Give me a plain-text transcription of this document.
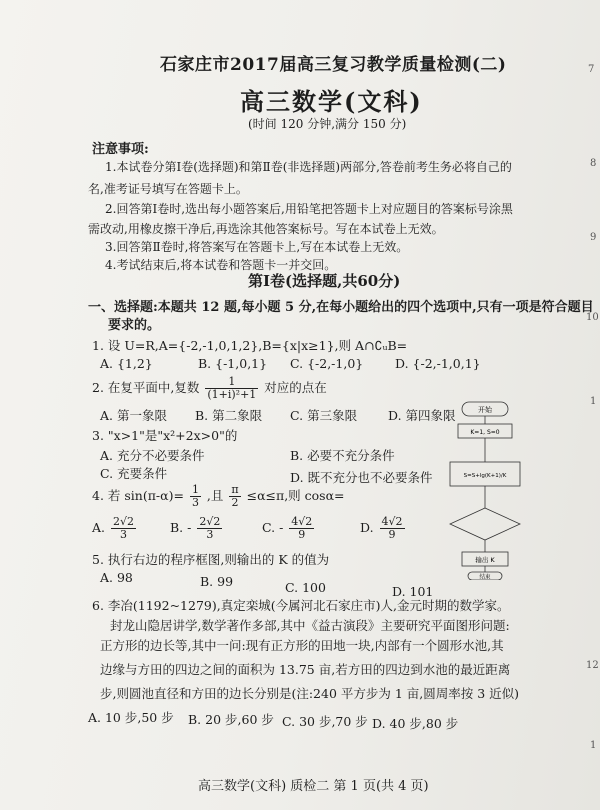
石家庄市2017届高三复习教学质量检测(二)
高三数学(文科)
(时间 120 分钟,满分 150 分)
注意事项:
1.本试卷分第Ⅰ卷(选择题)和第Ⅱ卷(非选择题)两部分,答卷前考生务必将自己的
名,准考证号填写在答题卡上。
2.回答第Ⅰ卷时,选出每小题答案后,用铅笔把答题卡上对应题目的答案标号涂黑
需改动,用橡皮擦干净后,再选涂其他答案标号。写在本试卷上无效。
3.回答第Ⅱ卷时,将答案写在答题卡上,写在本试卷上无效。
4.考试结束后,将本试卷和答题卡一并交回。
第Ⅰ卷(选择题,共60分)
一、选择题:本题共 12 题,每小题 5 分,在每小题给出的四个选项中,只有一项是符合题目
要求的。
1. 设 U=R,A={-2,-1,0,1,2},B={x|x≥1},则 A∩∁ᵤB=
A. {1,2}	B. {-1,0,1} C. {-2,-1,0}	D. {-2,-1,0,1}
2. 在复平面中,复数 $\frac{1}{\text{(1+i)²+1}}$ 对应的点在
A. 第一象限 B. 第二象限 C. 第三象限 D. 第四象限
3. "x>1"是"x²+2x>0"的
A. 充分不必要条件	B. 必要不充分条件
C. 充要条件	D. 既不充分也不必要条件
4. 若 $\sin(\pi-\alpha)= \frac{1}{3}$ ,且 $\frac{\pi}{2} \le\alpha\le\pi$,则 cosα=
A. $\frac{2√2}{3}$	B. - $\frac{2√2}{3}$	C. - $\frac{4√2}{9}$	D. $\frac{4√2}{9}$
5. 执行右边的程序框图,则输出的 K 的值为
A. 98	B. 99	C. 100	D. 101
6. 李冶(1192~1279),真定栾城(今属河北石家庄市)人,金元时期的数学家。
封龙山隐居讲学,数学著作多部,其中《益古演段》主要研究平面图形问题:
正方形的边长等,其中一问:现有正方形的田地一块,内部有一个圆形水池,其
边缘与方田的四边之间的面积为 13.75 亩,若方田的四边到水池的最近距离
步,则圆池直径和方田的边长分别是(注:240 平方步为 1 亩,圆周率按 3 近似)
A. 10 步,50 步 B. 20 步,60 步 C. 30 步,70 步 D. 40 步,80 步
开始
K=1, S=0
S=S+lg(K+1)/K
输出 K
结束
7
8
9
10
1
12
1
高三数学(文科) 质检二 第 1 页(共 4 页)
